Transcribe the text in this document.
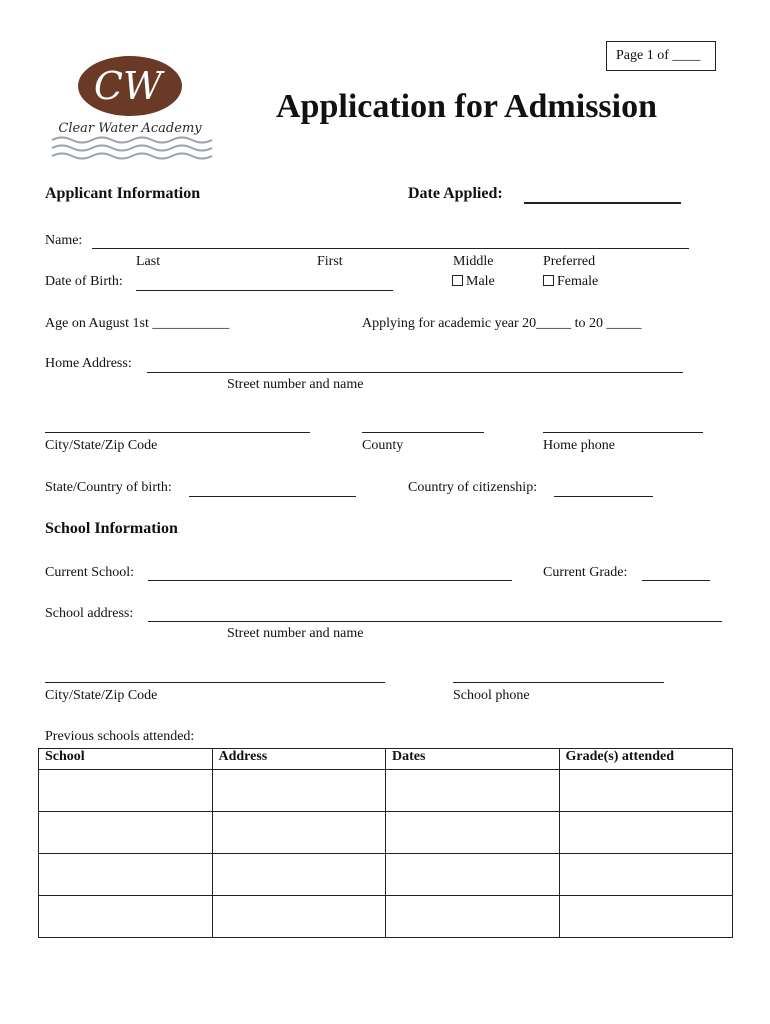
Page 1 of ____
CW
Clear Water Academy
Application for Admission
Applicant Information	Date Applied:
Name:
Last	First	Middle	Preferred
Date of Birth:	Male	Female
Age on August 1st ___________	Applying for academic year 20_____ to 20 _____
Home Address:
Street number and name
City/State/Zip Code	County	Home phone
State/Country of birth:	Country of citizenship:
School Information
Current School:	Current Grade:
School address:
Street number and name
City/State/Zip Code	School phone
Previous schools attended:
School	Address	Dates	Grade(s) attended
